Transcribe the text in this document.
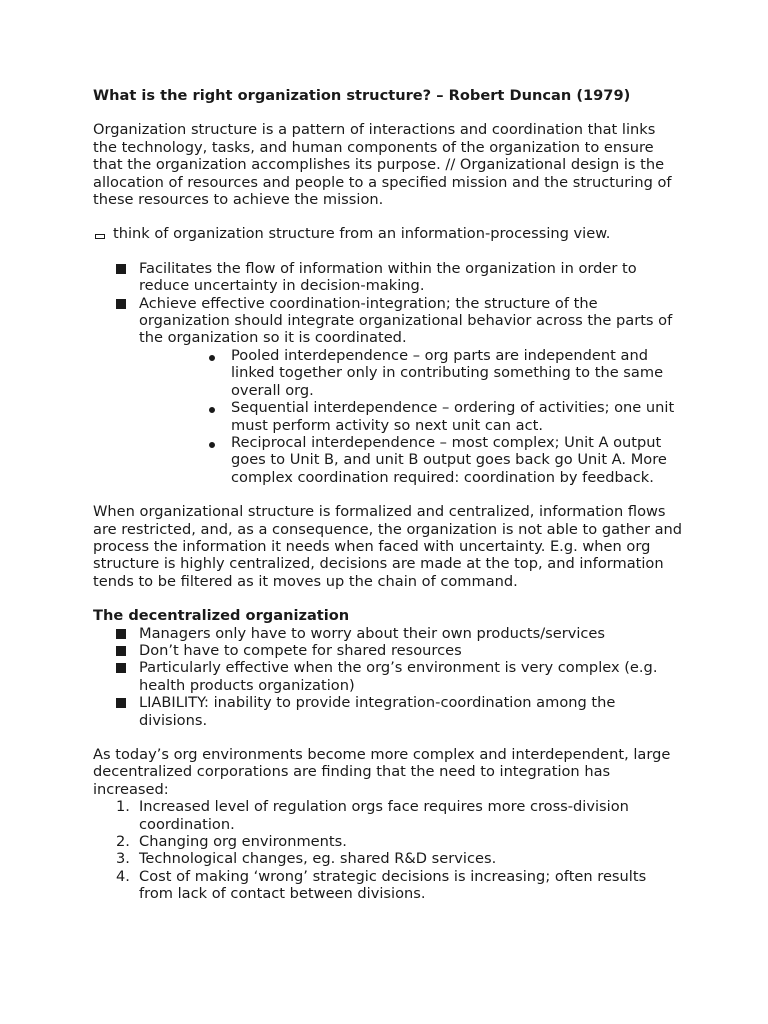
What is the right organization structure? – Robert Duncan (1979)

Organization structure is a pattern of interactions and coordination that links the technology, tasks, and human components of the organization to ensure that the organization accomplishes its purpose. // Organizational design is the allocation of resources and people to a specified mission and the structuring of these resources to achieve the mission.

think of organization structure from an information-processing view.
Facilitates the flow of information within the organization in order to reduce uncertainty in decision-making.
Achieve effective coordination-integration; the structure of the organization should integrate organizational behavior across the parts of the organization so it is coordinated.
Pooled interdependence – org parts are independent and linked together only in contributing something to the same overall org.
Sequential interdependence – ordering of activities; one unit must perform activity so next unit can act.
Reciprocal interdependence – most complex; Unit A output goes to Unit B, and unit B output goes back go Unit A. More complex coordination required: coordination by feedback.

When organizational structure is formalized and centralized, information flows are restricted, and, as a consequence, the organization is not able to gather and process the information it needs when faced with uncertainty. E.g. when org structure is highly centralized, decisions are made at the top, and information tends to be filtered as it moves up the chain of command.

The decentralized organization

Managers only have to worry about their own products/services
Don’t have to compete for shared resources
Particularly effective when the org’s environment is very complex (e.g. health products organization)
LIABILITY: inability to provide integration-coordination among the divisions.

As today’s org environments become more complex and interdependent, large decentralized corporations are finding that the need to integration has increased:

1. Increased level of regulation orgs face requires more cross-division coordination.
2. Changing org environments.
3. Technological changes, eg. shared R&D services.
4. Cost of making ‘wrong’ strategic decisions is increasing; often results from lack of contact between divisions.
